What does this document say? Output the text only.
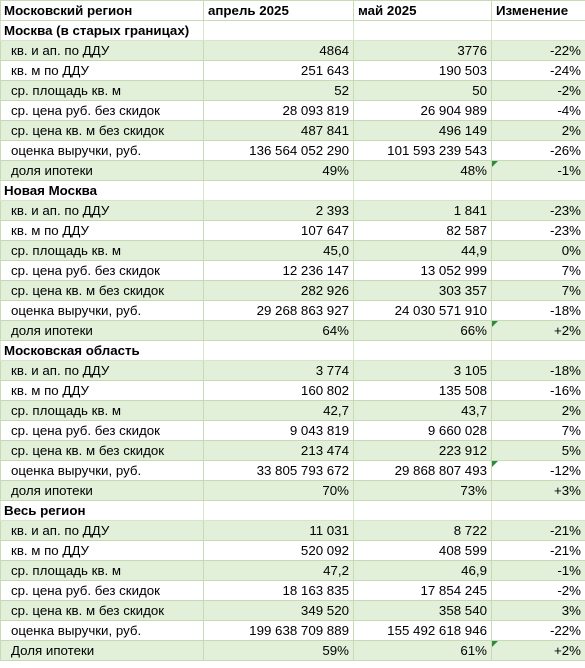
Московский регион	апрель 2025	май 2025	Изменение
Москва (в старых границах)			
кв. и ап. по ДДУ	4864	3776	-22%
кв. м по ДДУ	251 643	190 503	-24%
ср. площадь кв. м	52	50	-2%
ср. цена руб. без скидок	28 093 819	26 904 989	-4%
ср. цена кв. м без скидок	487 841	496 149	2%
оценка выручки, руб.	136 564 052 290	101 593 239 543	-26%
доля ипотеки	49%	48%	-1%
Новая Москва			
кв. и ап. по ДДУ	2 393	1 841	-23%
кв. м по ДДУ	107 647	82 587	-23%
ср. площадь кв. м	45,0	44,9	0%
ср. цена руб. без скидок	12 236 147	13 052 999	7%
ср. цена кв. м без скидок	282 926	303 357	7%
оценка выручки, руб.	29 268 863 927	24 030 571 910	-18%
доля ипотеки	64%	66%	+2%
Московская область			
кв. и ап. по ДДУ	3 774	3 105	-18%
кв. м по ДДУ	160 802	135 508	-16%
ср. площадь кв. м	42,7	43,7	2%
ср. цена руб. без скидок	9 043 819	9 660 028	7%
ср. цена кв. м без скидок	213 474	223 912	5%
оценка выручки, руб.	33 805 793 672	29 868 807 493	-12%
доля ипотеки	70%	73%	+3%
Весь регион			
кв. и ап. по ДДУ	11 031	8 722	-21%
кв. м по ДДУ	520 092	408 599	-21%
ср. площадь кв. м	47,2	46,9	-1%
ср. цена руб. без скидок	18 163 835	17 854 245	-2%
ср. цена кв. м без скидок	349 520	358 540	3%
оценка выручки, руб.	199 638 709 889	155 492 618 946	-22%
Доля ипотеки	59%	61%	+2%
